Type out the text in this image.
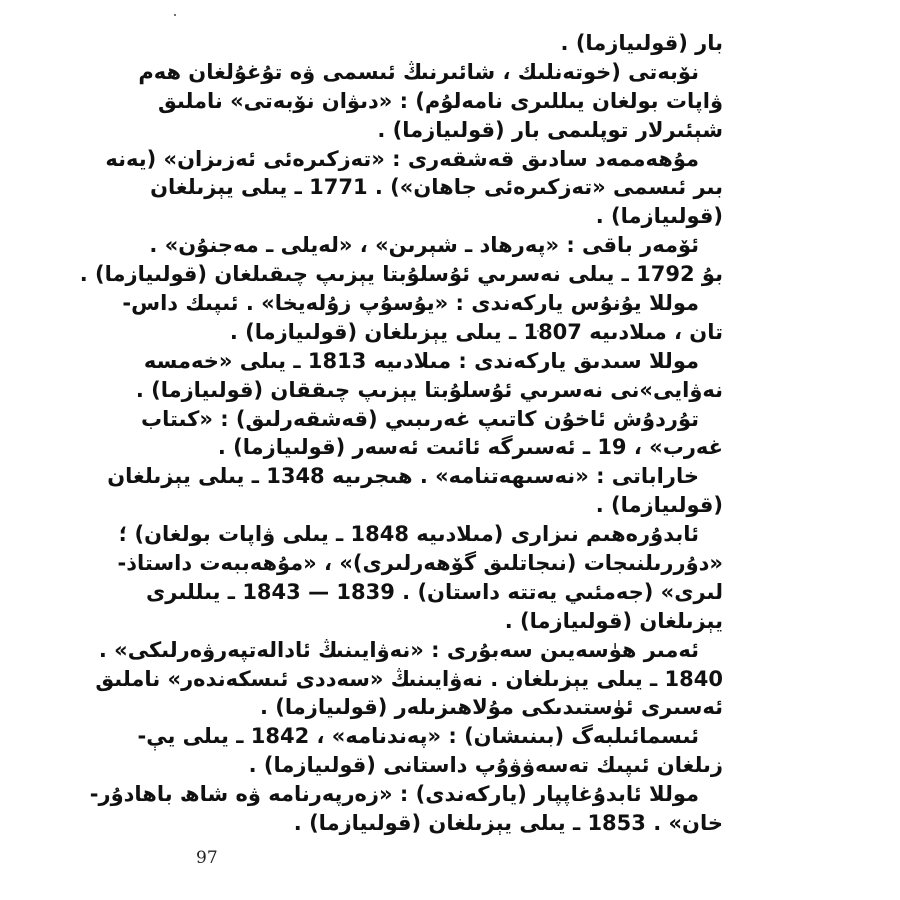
بار (قولىيازما) .
نۆبەتى (خوتەنلىك ، شائىرنىڭ ئىسمى ۋە تۇغۇلغان ھەم
ۋاپات بولغان يىللىرى نامەلۇم) : «دىۋان نۆبەتى» ناملىق
شېئىرلار توپلىمى بار (قولىيازما) .
مۇھەممەد سادىق قەشقەرى : «تەزكىرەئى ئەزىزان» (يەنە
بىر ئىسمى «تەزكىرەئى جاھان») . 1771 ـ يىلى يېزىلغان
(قولىيازما) .
ئۆمەر باقى : «پەرھاد ـ شېرىن» ، «لەيلى ـ مەجنۇن» .
بۇ 1792 ـ يىلى نەسرىي ئۇسلۇبتا يېزىپ چىقىلغان (قولىيازما) .
موللا يۇنۇس ياركەندى : «يۇسۇپ زۇلەيخا» . ئىپىك داس-
تان ، مىلادىيە 1807 ـ يىلى يېزىلغان (قولىيازما) .
موللا سىدىق ياركەندى : مىلادىيە 1813 ـ يىلى «خەمسە
نەۋايى»نى نەسرىي ئۇسلۇبتا يېزىپ چىققان (قولىيازما) .
تۇردۇش ئاخۇن كاتىپ غەرىبىي (قەشقەرلىق) : «كىتاب
غەرب» ، 19 ـ ئەسىرگە ئائىت ئەسەر (قولىيازما) .
خاراباتى : «نەسىھەتنامە» . ھىجرىيە 1348 ـ يىلى يېزىلغان
(قولىيازما) .
ئابدۇرەھىم نىزارى (مىلادىيە 1848 ـ يىلى ۋاپات بولغان) ؛
«دۇررىلنىجات (نىجاتلىق گۆھەرلىرى)» ، «مۇھەببەت داستاذ-
لىرى» (جەمئىي يەتتە داستان) . 1839 — 1843 ـ يىللىرى
يېزىلغان (قولىيازما) .
ئەمىر ھۈسەيىن سەبۇرى : «نەۋايىنىڭ ئادالەتپەرۋەرلىكى» .
1840 ـ يىلى يېزىلغان . نەۋايىنىڭ «سەددى ئىسكەندەر» ناملىق
ئەسىرى ئۈستىدىكى مۇلاھىزىلەر (قولىيازما) .
ئىسمائىلبەگ (بىنىشان) : «پەندنامە» ، 1842 ـ يىلى يې-
زىلغان ئىپىك تەسەۋۋۇپ داستانى (قولىيازما) .
موللا ئابدۇغاپپار (ياركەندى) : «زەرپەرنامە ۋە شاھ باھادۇر-
خان» . 1853 ـ يىلى يېزىلغان (قولىيازما) .
97
